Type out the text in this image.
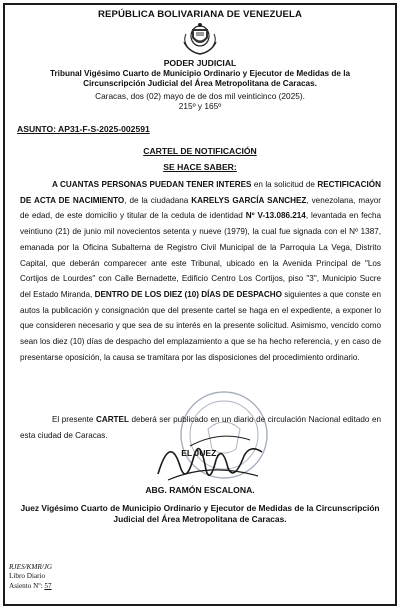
REPÚBLICA BOLIVARIANA DE VENEZUELA
PODER JUDICIAL
Tribunal Vigésimo Cuarto de Municipio Ordinario y Ejecutor de Medidas de la Circunscripción Judicial del Área Metropolitana de Caracas.
Caracas, dos (02) mayo de de dos mil veinticinco (2025).
215º y 165º
ASUNTO: AP31-F-S-2025-002591
CARTEL DE NOTIFICACIÓN
SE HACE SABER:
A CUANTAS PERSONAS PUEDAN TENER INTERES en la solicitud de RECTIFICACIÓN DE ACTA DE NACIMIENTO, de la ciudadana KARELYS GARCÍA SANCHEZ, venezolana, mayor de edad, de este domicilio y titular de la cedula de identidad Nº V-13.086.214, levantada en fecha veintiuno (21) de junio mil novecientos setenta y nueve (1979), la cual fue signada con el Nº 1387, emanada por la Oficina Subalterna de Registro Civil Municipal de la Parroquia La Vega, Distrito Capital, que deberán comparecer ante este Tribunal, ubicado en la Avenida Principal de "Los Cortijos de Lourdes" con Calle Bernadette, Edificio Centro Los Cortijos, piso "3", Municipio Sucre del Estado Miranda, DENTRO DE LOS DIEZ (10) DÍAS DE DESPACHO siguientes a que conste en autos la publicación y consignación que del presente cartel se haga en el expediente, a exponer lo que consideren necesario y que sea de su interés en la presente solicitud. Asimismo, vencido como sean los diez (10) días de despacho del emplazamiento a que se ha hecho referencia, y en caso de presentarse oposición, la causa se tramitara por las disposiciones del procedimiento ordinario.
El presente CARTEL deberá ser publicado en un diario de circulación Nacional editado en esta ciudad de Caracas.
EL JUEZ,
ABG. RAMÓN ESCALONA.
Juez Vigésimo Cuarto de Municipio Ordinario y Ejecutor de Medidas de la Circunscripción Judicial del Área Metropolitana de Caracas.
RJES/KMR/JG
Libro Diario
Asiento Nº: 57
